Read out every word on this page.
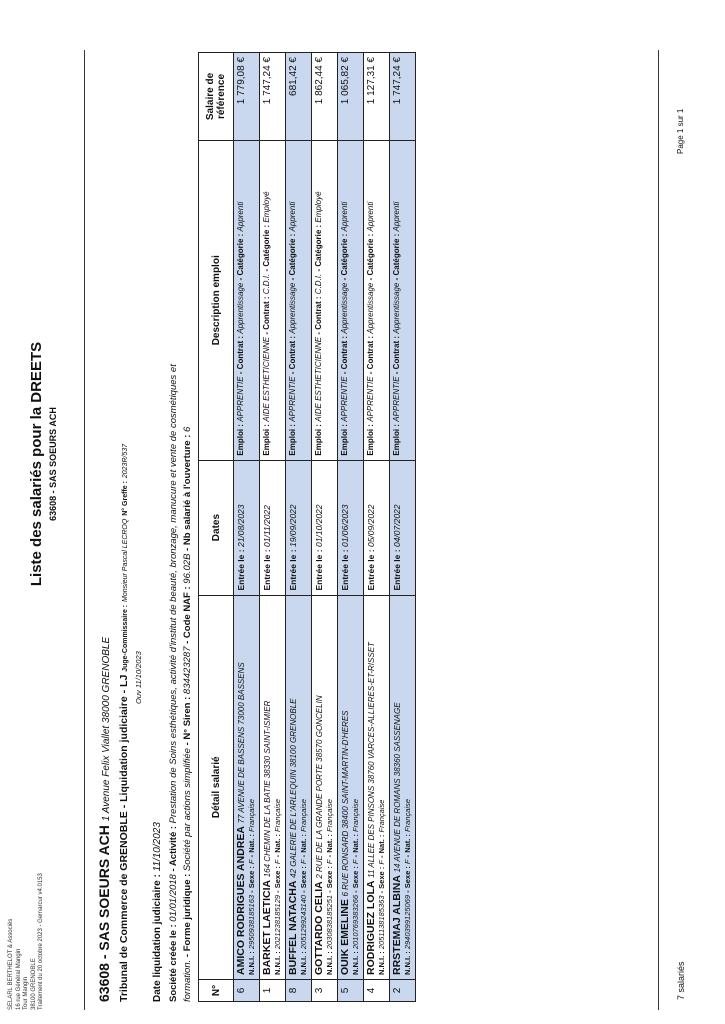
SELARL BERTHELOT & Associés 16 rue Général Mangin Tour Mangin 38100 GRENOBLE Traitement du 20 octobre 2023 - Gemarcur v4.0153
Liste des salariés pour la DREETS 63608 - SAS SOEURS ACH
63608 - SAS SOEURS ACH 1 Avenue Felix Viallet 38000 GRENOBLE Tribunal de Commerce de GRENOBLE - Liquidation judiciaire - LJ Juge-Commissaire : Monsieur Pascal LECROQ N° Greffe : 2023R/537
Ouv 11/10/2023
Date liquidation judiciaire : 11/10/2023
Société créée le : 01/01/2018 - Activité : Prestation de Soins esthétiques, activité d'institut de beauté, bronzage, manucure et vente de cosmétiques et
formation. - Forme juridique : Société par actions simplifiée - N° Siren : 834423287 - Code NAF : 96.02B - Nb salarié à l'ouverture : 6
N°	Détail salarié	Dates	Description emploi	Salaire de référence

6	AMICO RODRIGUES ANDREA 77 AVENUE DE BASSENS 73000 BASSENS
N.N.I. : 2950938185163 - Sexe : F - Nat. : Française	Entrée le : 21/08/2023	Emploi : APPRENTIE - Contrat : Apprentissage - Catégorie : Apprenti	1 779,08 €
1	BARKET LAETICIA 164 CHEMIN DE LA BATIE 38330 SAINT-ISMIER
N.N.I. : 2021238185129 - Sexe : F - Nat. : Française	Entrée le : 01/11/2022	Emploi : AIDE ESTHETICIENNE - Contrat : C.D.I. - Catégorie : Employé	1 747,24 €
8	BUFFEL NATACHA 42 GALERIE DE L'ARLEQUIN 38100 GRENOBLE
N.N.I. : 2051299243140 - Sexe : F - Nat. : Française	Entrée le : 19/09/2022	Emploi : APPRENTIE - Contrat : Apprentissage - Catégorie : Apprenti	681,42 €
3	GOTTARDO CELIA 2 RUE DE LA GRANDE PORTE 38570 GONCELIN
N.N.I. : 2030838185251 - Sexe : F - Nat. : Française	Entrée le : 01/10/2022	Emploi : AIDE ESTHETICIENNE - Contrat : C.D.I. - Catégorie : Employé	1 862,44 €
5	OUIK EMELINE 6 RUE RONSARD 38400 SAINT-MARTIN-D'HERES
N.N.I. : 2010769383266 - Sexe : F - Nat. : Française	Entrée le : 01/06/2023	Emploi : APPRENTIE - Contrat : Apprentissage - Catégorie : Apprenti	1 065,82 €
4	RODRIGUEZ LOLA 11 ALLEE DES PINSONS 38760 VARCES-ALLIERES-ET-RISSET
N.N.I. : 2051138185363 - Sexe : F - Nat. : Française	Entrée le : 05/09/2022	Emploi : APPRENTIE - Contrat : Apprentissage - Catégorie : Apprenti	1 127,31 €
2	RRSTEMAJ ALBINA 14 AVENUE DE ROMANS 38360 SASSENAGE
N.N.I. : 2940399125069 - Sexe : F - Nat. : Française	Entrée le : 04/07/2022	Emploi : APPRENTIE - Contrat : Apprentissage - Catégorie : Apprenti	1 747,24 €
7 salariés
Page 1 sur 1
